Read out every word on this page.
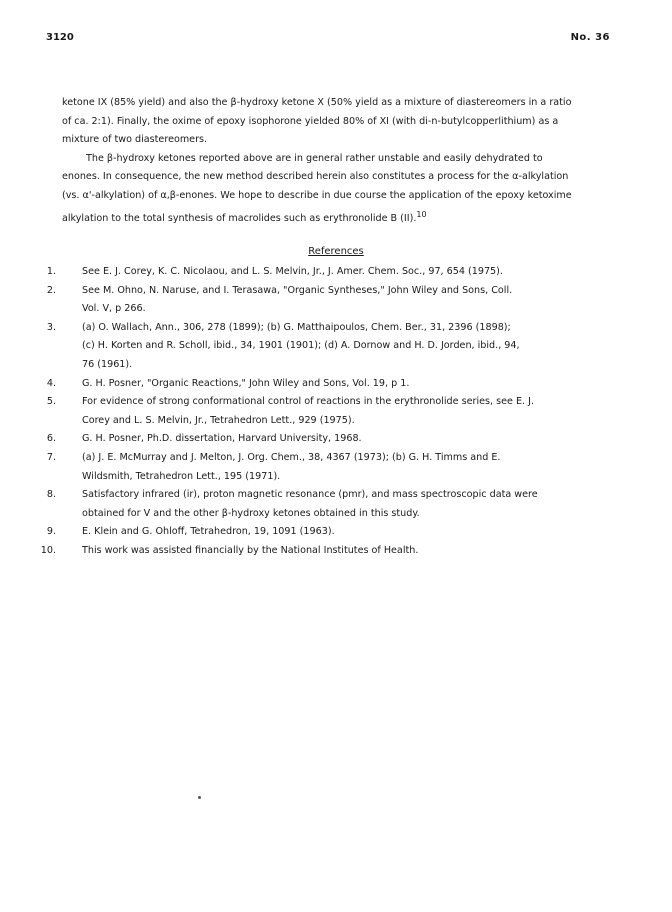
3120	No. 36
ketone IX (85% yield) and also the β-hydroxy ketone X (50% yield as a mixture of diastereomers in a ratio
of ca. 2:1). Finally, the oxime of epoxy isophorone yielded 80% of XI (with di-n-butylcopperlithium) as a
mixture of two diastereomers.
The β-hydroxy ketones reported above are in general rather unstable and easily dehydrated to
enones. In consequence, the new method described herein also constitutes a process for the α-alkylation
(vs. α'-alkylation) of α,β-enones. We hope to describe in due course the application of the epoxy ketoxime
alkylation to the total synthesis of macrolides such as erythronolide B (II).$^{10}$
References
1.	See E. J. Corey, K. C. Nicolaou, and L. S. Melvin, Jr., J. Amer. Chem. Soc., 97, 654 (1975).
2.	See M. Ohno, N. Naruse, and I. Terasawa, "Organic Syntheses," John Wiley and Sons, Coll.
Vol. V, p 266.
3.	(a) O. Wallach, Ann., 306, 278 (1899); (b) G. Matthaipoulos, Chem. Ber., 31, 2396 (1898);
(c) H. Korten and R. Scholl, ibid., 34, 1901 (1901); (d) A. Dornow and H. D. Jorden, ibid., 94,
76 (1961).
4.	G. H. Posner, "Organic Reactions," John Wiley and Sons, Vol. 19, p 1.
5.	For evidence of strong conformational control of reactions in the erythronolide series, see E. J.
Corey and L. S. Melvin, Jr., Tetrahedron Lett., 929 (1975).
6.	G. H. Posner, Ph.D. dissertation, Harvard University, 1968.
7.	(a) J. E. McMurray and J. Melton, J. Org. Chem., 38, 4367 (1973); (b) G. H. Timms and E.
Wildsmith, Tetrahedron Lett., 195 (1971).
8.	Satisfactory infrared (ir), proton magnetic resonance (pmr), and mass spectroscopic data were
obtained for V and the other β-hydroxy ketones obtained in this study.
9.	E. Klein and G. Ohloff, Tetrahedron, 19, 1091 (1963).
10.	This work was assisted financially by the National Institutes of Health.
